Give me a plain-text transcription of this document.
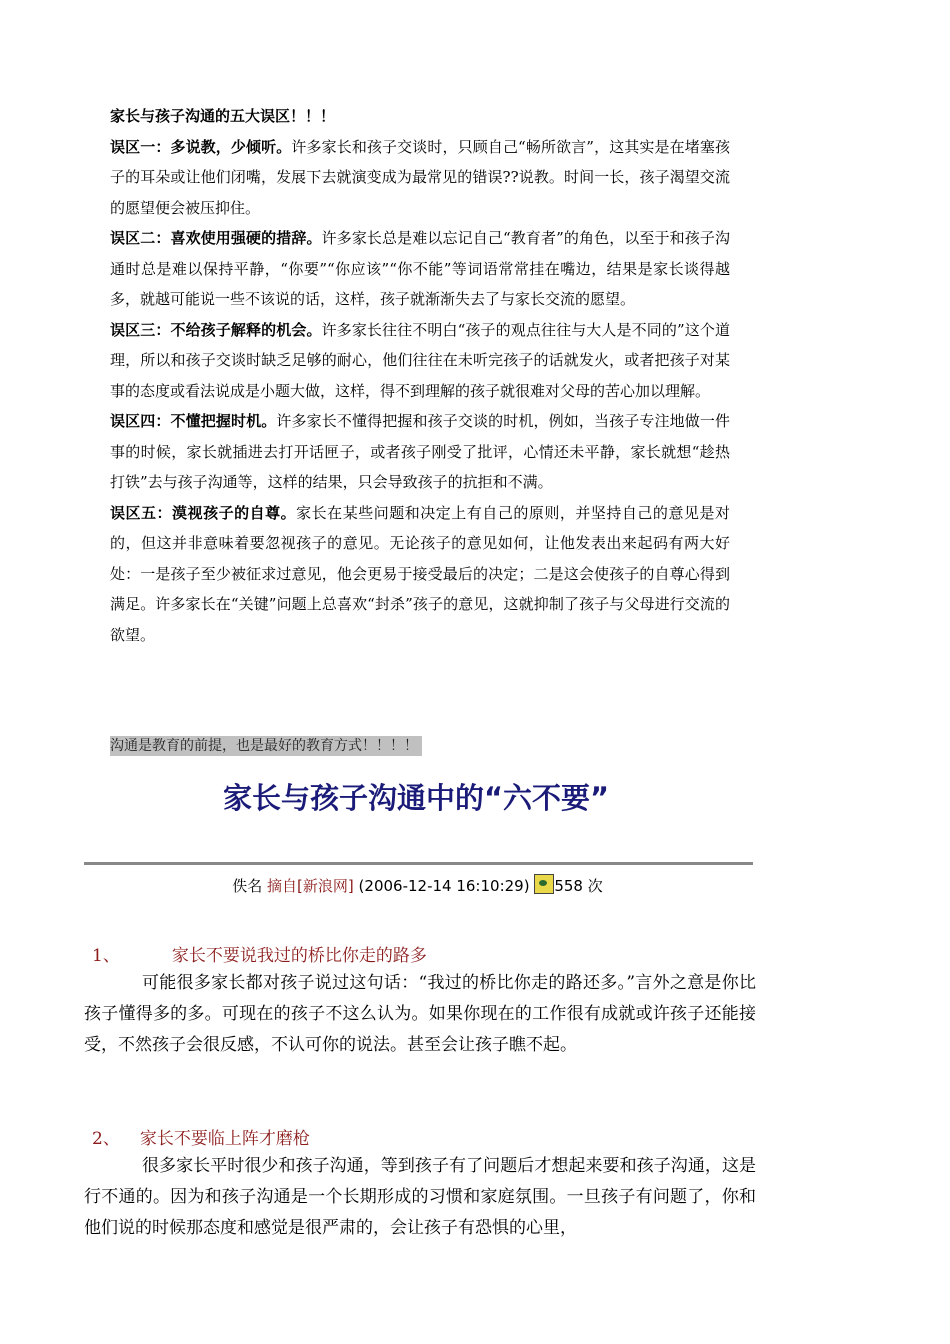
家长与孩子沟通的五大误区！！！

误区一：多说教，少倾听。许多家长和孩子交谈时，只顾自己“畅所欲言”，这其实是在堵塞孩子的耳朵或让他们闭嘴，发展下去就演变成为最常见的错误??说教。时间一长，孩子渴望交流的愿望便会被压抑住。

误区二：喜欢使用强硬的措辞。许多家长总是难以忘记自己“教育者”的角色，以至于和孩子沟通时总是难以保持平静，“你要”“你应该”“你不能”等词语常常挂在嘴边，结果是家长谈得越多，就越可能说一些不该说的话，这样，孩子就渐渐失去了与家长交流的愿望。

误区三：不给孩子解释的机会。许多家长往往不明白“孩子的观点往往与大人是不同的”这个道理，所以和孩子交谈时缺乏足够的耐心，他们往往在未听完孩子的话就发火，或者把孩子对某事的态度或看法说成是小题大做，这样，得不到理解的孩子就很难对父母的苦心加以理解。

误区四：不懂把握时机。许多家长不懂得把握和孩子交谈的时机，例如，当孩子专注地做一件事的时候，家长就插进去打开话匣子，或者孩子刚受了批评，心情还未平静，家长就想“趁热打铁”去与孩子沟通等，这样的结果，只会导致孩子的抗拒和不满。

误区五：漠视孩子的自尊。家长在某些问题和决定上有自己的原则，并坚持自己的意见是对的，但这并非意味着要忽视孩子的意见。无论孩子的意见如何，让他发表出来起码有两大好处：一是孩子至少被征求过意见，他会更易于接受最后的决定；二是这会使孩子的自尊心得到满足。许多家长在“关键”问题上总喜欢“封杀”孩子的意见，这就抑制了孩子与父母进行交流的欲望。

沟通是教育的前提，也是最好的教育方式！！！！
家长与孩子沟通中的“六不要”
佚名 摘自[新浪网] (2006-12-14 16:10:29) 558 次
1、	家长不要说我过的桥比你走的路多
可能很多家长都对孩子说过这句话：“我过的桥比你走的路还多。”言外之意是你比孩子懂得多的多。可现在的孩子不这么认为。如果你现在的工作很有成就或许孩子还能接受，不然孩子会很反感，不认可你的说法。甚至会让孩子瞧不起。
2、 家长不要临上阵才磨枪
很多家长平时很少和孩子沟通，等到孩子有了问题后才想起来要和孩子沟通，这是行不通的。因为和孩子沟通是一个长期形成的习惯和家庭氛围。一旦孩子有问题了，你和他们说的时候那态度和感觉是很严肃的，会让孩子有恐惧的心里，
